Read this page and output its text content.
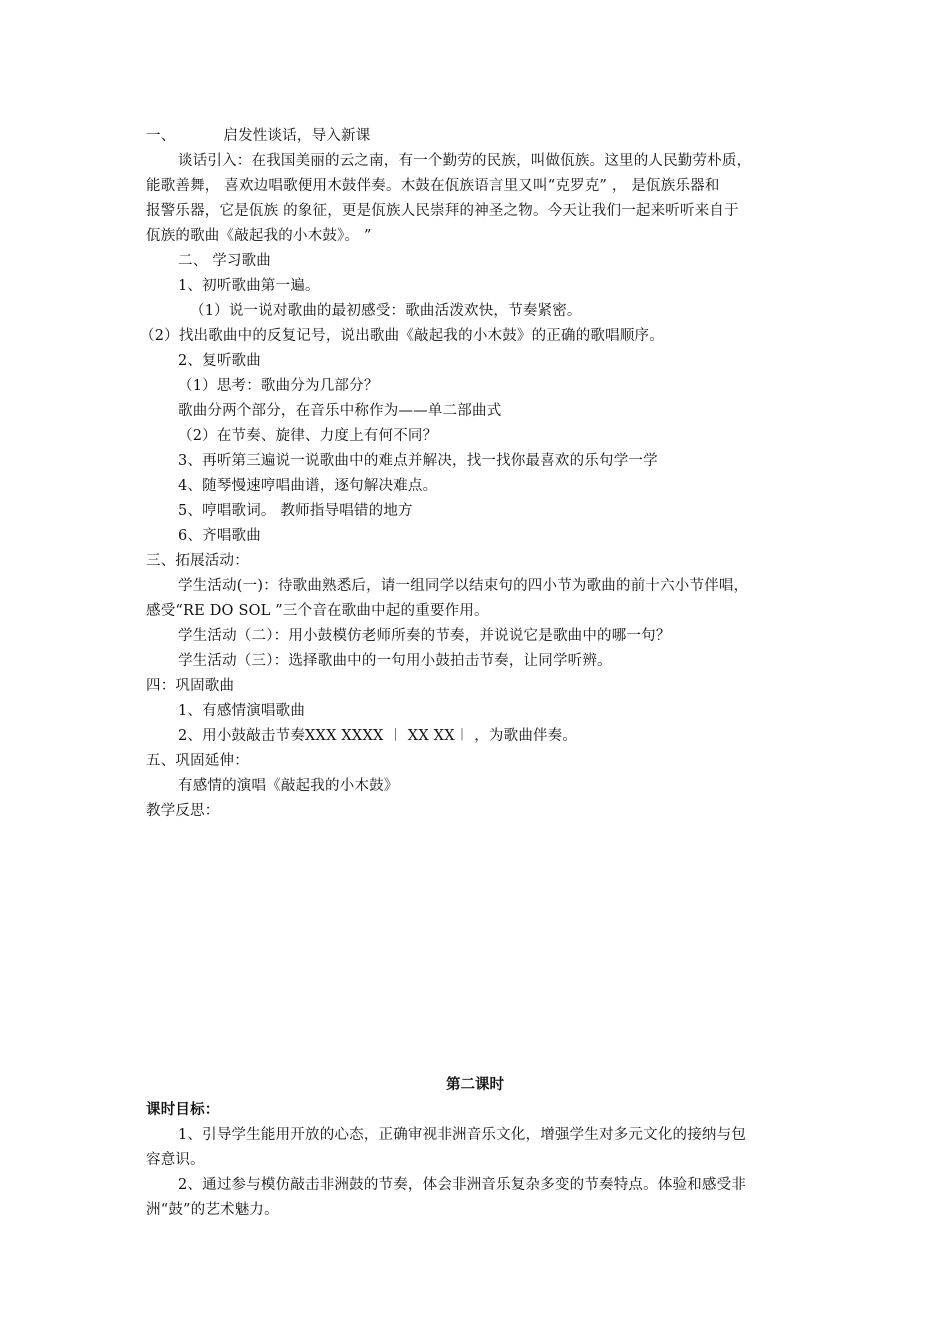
一、	启发性谈话，导入新课
谈话引入：在我国美丽的云之南，有一个勤劳的民族，叫做佤族。这里的人民勤劳朴质，
能歌善舞， 喜欢边唱歌便用木鼓伴奏。木鼓在佤族语言里又叫“克罗克” ， 是佤族乐器和
报警乐器，它是佤族 的象征，更是佤族人民崇拜的神圣之物。今天让我们一起来听听来自于
佤族的歌曲《敲起我的小木鼓》。 ”
二、 学习歌曲
1、初听歌曲第一遍。
（1）说一说对歌曲的最初感受：歌曲活泼欢快，节奏紧密。
（2）找出歌曲中的反复记号，说出歌曲《敲起我的小木鼓》的正确的歌唱顺序。
2、复听歌曲
（1）思考：歌曲分为几部分？
歌曲分两个部分，在音乐中称作为——单二部曲式
（2）在节奏、旋律、力度上有何不同？
3、再听第三遍说一说歌曲中的难点并解决，找一找你最喜欢的乐句学一学
4、随琴慢速哼唱曲谱，逐句解决难点。
5、哼唱歌词。 教师指导唱错的地方
6、齐唱歌曲
三、拓展活动：
学生活动(一)：待歌曲熟悉后，请一组同学以结束句的四小节为歌曲的前十六小节伴唱，
感受“RE DO SOL ”三个音在歌曲中起的重要作用。
学生活动（二）：用小鼓模仿老师所奏的节奏，并说说它是歌曲中的哪一句？
学生活动（三）：选择歌曲中的一句用小鼓拍击节奏，让同学听辨。
四：巩固歌曲
1、有感情演唱歌曲
2、用小鼓敲击节奏XXX XXXX ︱ XX XX︱ ，为歌曲伴奏。
五、巩固延伸：
有感情的演唱《敲起我的小木鼓》
教学反思：
第二课时
课时目标：
1、引导学生能用开放的心态，正确审视非洲音乐文化，增强学生对多元文化的接纳与包
容意识。
2、通过参与模仿敲击非洲鼓的节奏，体会非洲音乐复杂多变的节奏特点。体验和感受非
洲“鼓”的艺术魅力。
